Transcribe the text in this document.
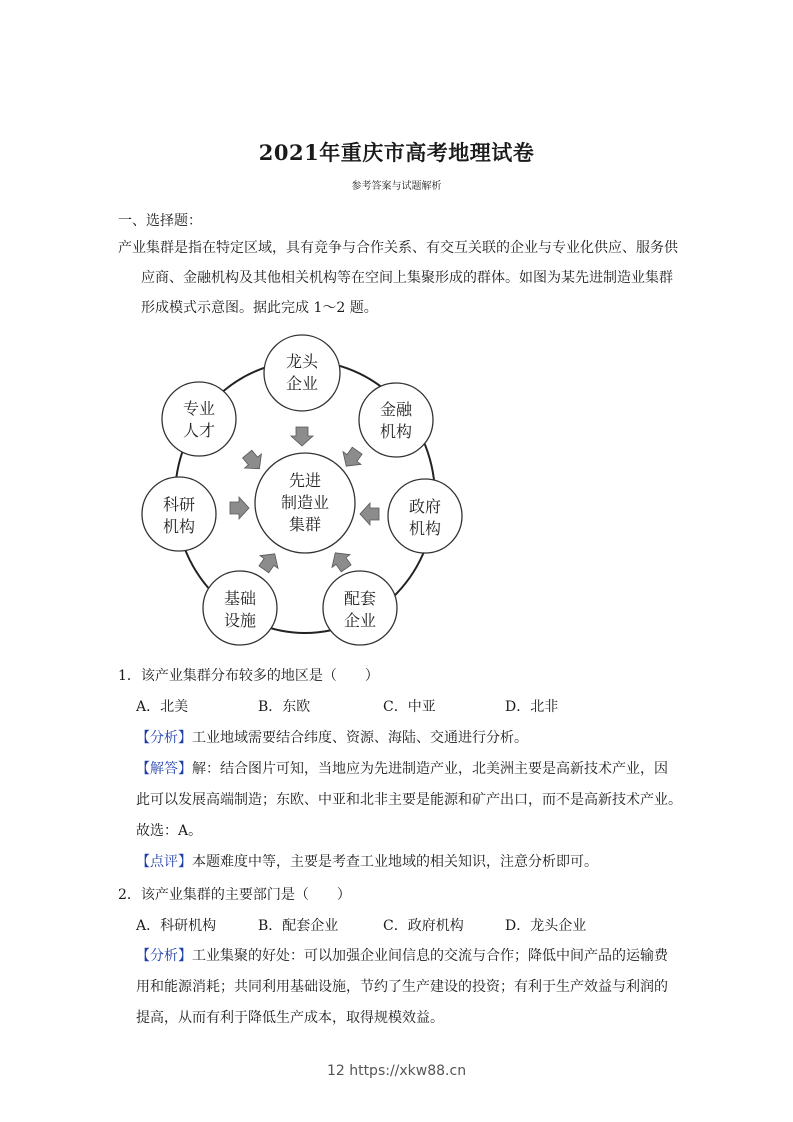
2021年重庆市高考地理试卷
参考答案与试题解析
一、选择题：
产业集群是指在特定区域，具有竞争与合作关系、有交互关联的企业与专业化供应、服务供
应商、金融机构及其他相关机构等在空间上集聚形成的群体。如图为某先进制造业集群
形成模式示意图。据此完成 1～2 题。
龙头
企业
金融
机构
政府
机构
配套
企业
基础
设施
科研
机构
专业
人才
先进
制造业
集群
1．该产业集群分布较多的地区是（　　）
A．北美	B．东欧	C．中亚	D．北非
【分析】工业地域需要结合纬度、资源、海陆、交通进行分析。
【解答】解：结合图片可知，当地应为先进制造产业，北美洲主要是高新技术产业，因
此可以发展高端制造；东欧、中亚和北非主要是能源和矿产出口，而不是高新技术产业。
故选：A。
【点评】本题难度中等，主要是考查工业地域的相关知识，注意分析即可。
2．该产业集群的主要部门是（　　）
A．科研机构	B．配套企业	C．政府机构	D．龙头企业
【分析】工业集聚的好处：可以加强企业间信息的交流与合作；降低中间产品的运输费
用和能源消耗；共同利用基础设施，节约了生产建设的投资；有利于生产效益与利润的
提高，从而有利于降低生产成本，取得规模效益。
12 https://xkw88.cn
